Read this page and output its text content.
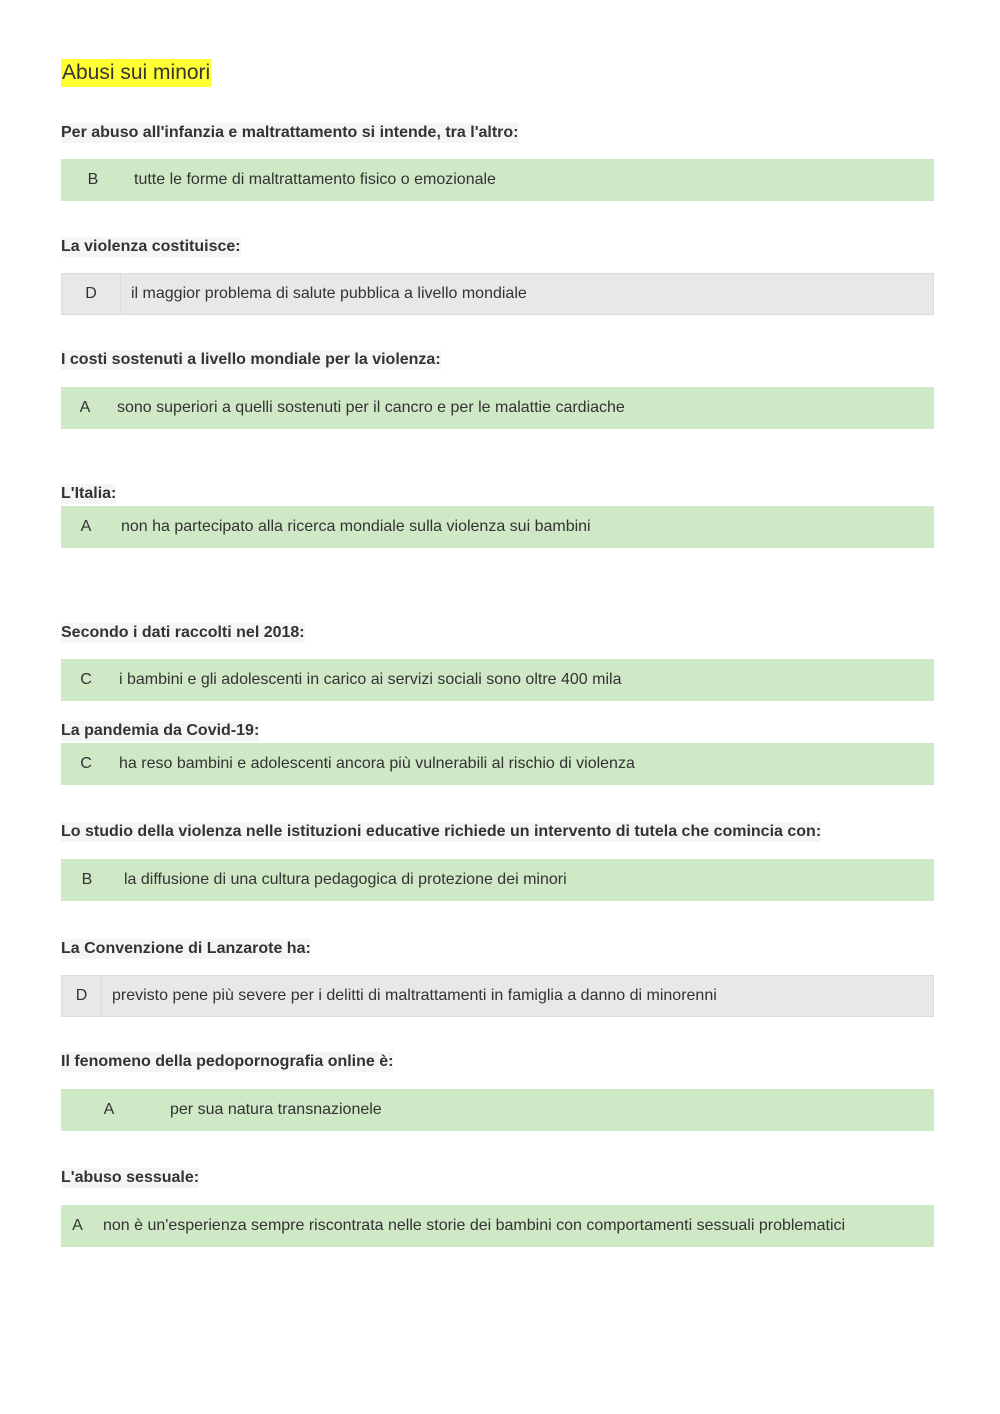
Abusi sui minori
Per abuso all'infanzia e maltrattamento si intende, tra l'altro:
B	tutte le forme di maltrattamento fisico o emozionale
La violenza costituisce:
D	il maggior problema di salute pubblica a livello mondiale
I costi sostenuti a livello mondiale per la violenza:
A	sono superiori a quelli sostenuti per il cancro e per le malattie cardiache
L'Italia:
A	non ha partecipato alla ricerca mondiale sulla violenza sui bambini
Secondo i dati raccolti nel 2018:
C	i bambini e gli adolescenti in carico ai servizi sociali sono oltre 400 mila
La pandemia da Covid-19:
C	ha reso bambini e adolescenti ancora più vulnerabili al rischio di violenza
Lo studio della violenza nelle istituzioni educative richiede un intervento di tutela che comincia con:
B	la diffusione di una cultura pedagogica di protezione dei minori
La Convenzione di Lanzarote ha:
D	previsto pene più severe per i delitti di maltrattamenti in famiglia a danno di minorenni
Il fenomeno della pedopornografia online è:
A	per sua natura transnazionele
L'abuso sessuale:
A	non è un'esperienza sempre riscontrata nelle storie dei bambini con comportamenti sessuali problematici
